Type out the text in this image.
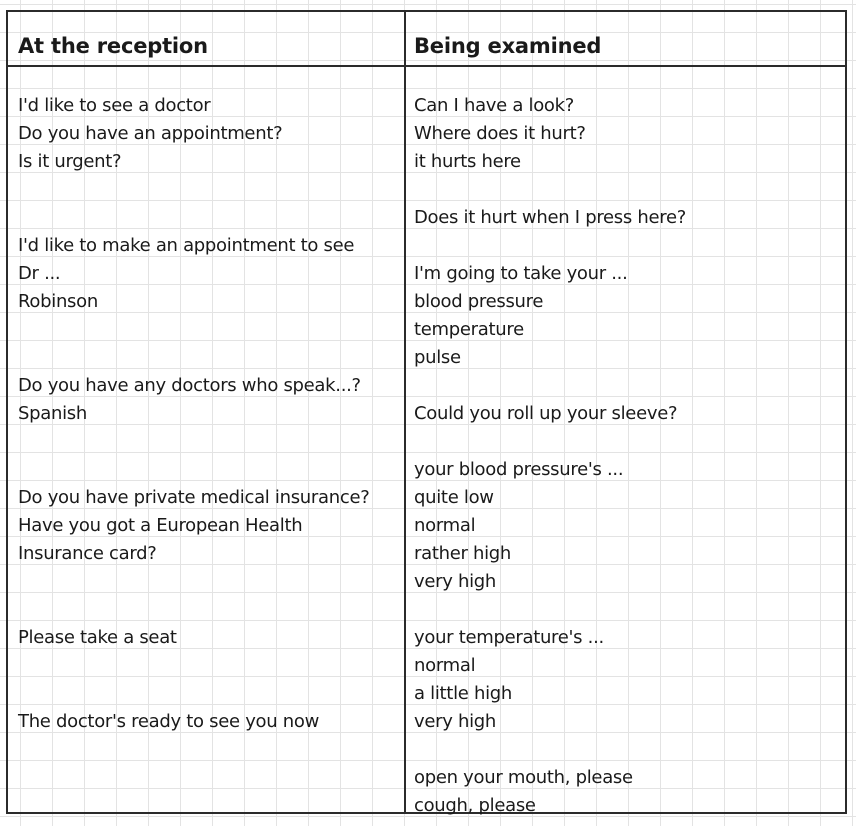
At the reception	Being examined
I'd like to see a doctor
Do you have an appointment?
Is it urgent?
I'd like to make an appointment to see
Dr ...
Robinson
Do you have any doctors who speak...?
Spanish
Do you have private medical insurance?
Have you got a European Health
Insurance card?
Please take a seat
The doctor's ready to see you now
Can I have a look?
Where does it hurt?
it hurts here
Does it hurt when I press here?
I'm going to take your ...
blood pressure
temperature
pulse
Could you roll up your sleeve?
your blood pressure's ...
quite low
normal
rather high
very high
your temperature's ...
normal
a little high
very high
open your mouth, please
cough, please
